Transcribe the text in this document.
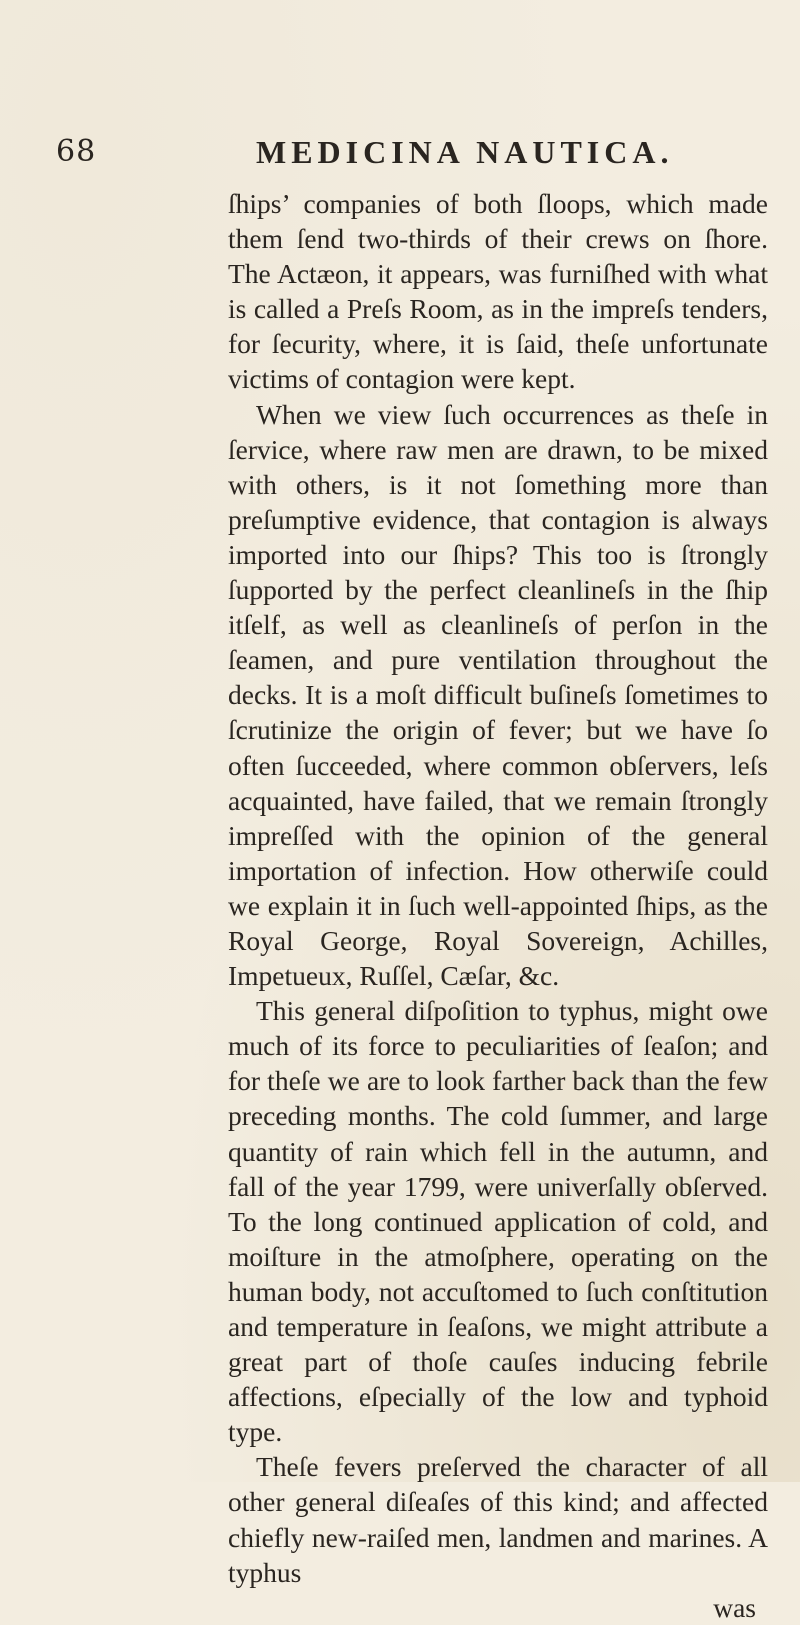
68	MEDICINA NAUTICA.

ſhips’ companies of both ſloops, which made them ſend two-thirds of their crews on ſhore. The Actæon, it appears, was furniſhed with what is called a Preſs Room, as in the impreſs tenders, for ſecurity, where, it is ſaid, theſe unfortunate victims of contagion were kept.

When we view ſuch occurrences as theſe in ſervice, where raw men are drawn, to be mixed with others, is it not ſomething more than preſumptive evidence, that contagion is always imported into our ſhips? This too is ſtrongly ſupported by the perfect cleanlineſs in the ſhip itſelf, as well as cleanlineſs of perſon in the ſeamen, and pure ventilation throughout the decks. It is a moſt difficult buſineſs ſometimes to ſcrutinize the origin of fever; but we have ſo often ſucceeded, where common obſervers, leſs acquainted, have failed, that we remain ſtrongly impreſſed with the opinion of the general importation of infection. How otherwiſe could we explain it in ſuch well-appointed ſhips, as the Royal George, Royal Sovereign, Achilles, Impetueux, Ruſſel, Cæſar, &c.

This general diſpoſition to typhus, might owe much of its force to peculiarities of ſeaſon; and for theſe we are to look farther back than the few preceding months. The cold ſummer, and large quantity of rain which fell in the autumn, and fall of the year 1799, were univerſally obſerved. To the long continued application of cold, and moiſture in the atmoſphere, operating on the human body, not accuſtomed to ſuch conſtitution and temperature in ſeaſons, we might attribute a great part of thoſe cauſes inducing febrile affections, eſpecially of the low and typhoid type.

Theſe fevers preſerved the character of all other general diſeaſes of this kind; and affected chiefly new-raiſed men, landmen and marines. A typhus

was
